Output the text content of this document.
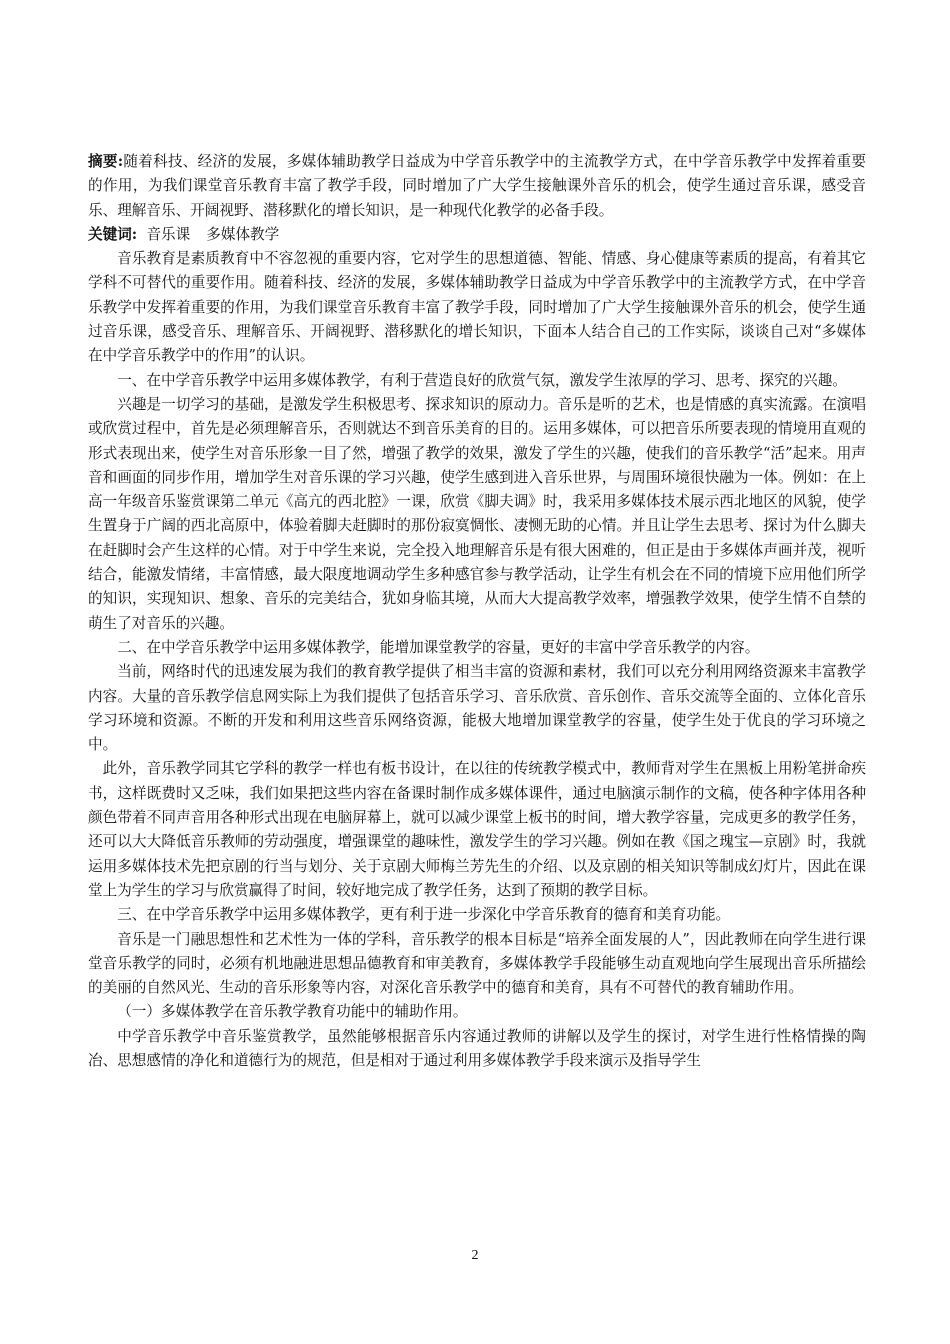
摘要:随着科技、经济的发展，多媒体辅助教学日益成为中学音乐教学中的主流教学方式，在中学音乐教学中发挥着重要的作用，为我们课堂音乐教育丰富了教学手段，同时增加了广大学生接触课外音乐的机会，使学生通过音乐课，感受音乐、理解音乐、开阔视野、潜移默化的增长知识，是一种现代化教学的必备手段。

关键词: 音乐课 多媒体教学

音乐教育是素质教育中不容忽视的重要内容，它对学生的思想道德、智能、情感、身心健康等素质的提高，有着其它学科不可替代的重要作用。随着科技、经济的发展，多媒体辅助教学日益成为中学音乐教学中的主流教学方式，在中学音乐教学中发挥着重要的作用，为我们课堂音乐教育丰富了教学手段，同时增加了广大学生接触课外音乐的机会，使学生通过音乐课，感受音乐、理解音乐、开阔视野、潜移默化的增长知识，下面本人结合自己的工作实际，谈谈自己对“多媒体在中学音乐教学中的作用”的认识。

一、在中学音乐教学中运用多媒体教学，有利于营造良好的欣赏气氛，激发学生浓厚的学习、思考、探究的兴趣。

兴趣是一切学习的基础，是激发学生积极思考、探求知识的原动力。音乐是听的艺术，也是情感的真实流露。在演唱或欣赏过程中，首先是必须理解音乐，否则就达不到音乐美育的目的。运用多媒体，可以把音乐所要表现的情境用直观的形式表现出来，使学生对音乐形象一目了然，增强了教学的效果，激发了学生的兴趣，使我们的音乐教学“活”起来。用声音和画面的同步作用，增加学生对音乐课的学习兴趣，使学生感到进入音乐世界，与周围环境很快融为一体。例如：在上高一年级音乐鉴赏课第二单元《高亢的西北腔》一课，欣赏《脚夫调》时，我采用多媒体技术展示西北地区的风貌，使学生置身于广阔的西北高原中，体验着脚夫赶脚时的那份寂寞惆怅、凄恻无助的心情。并且让学生去思考、探讨为什么脚夫在赶脚时会产生这样的心情。对于中学生来说，完全投入地理解音乐是有很大困难的，但正是由于多媒体声画并茂，视听结合，能激发情绪，丰富情感，最大限度地调动学生多种感官参与教学活动，让学生有机会在不同的情境下应用他们所学的知识，实现知识、想象、音乐的完美结合，犹如身临其境，从而大大提高教学效率，增强教学效果，使学生情不自禁的萌生了对音乐的兴趣。

二、在中学音乐教学中运用多媒体教学，能增加课堂教学的容量，更好的丰富中学音乐教学的内容。

当前，网络时代的迅速发展为我们的教育教学提供了相当丰富的资源和素材，我们可以充分利用网络资源来丰富教学内容。大量的音乐教学信息网实际上为我们提供了包括音乐学习、音乐欣赏、音乐创作、音乐交流等全面的、立体化音乐学习环境和资源。不断的开发和利用这些音乐网络资源，能极大地增加课堂教学的容量，使学生处于优良的学习环境之中。

此外，音乐教学同其它学科的教学一样也有板书设计，在以往的传统教学模式中，教师背对学生在黑板上用粉笔拼命疾书，这样既费时又乏味，我们如果把这些内容在备课时制作成多媒体课件，通过电脑演示制作的文稿，使各种字体用各种颜色带着不同声音用各种形式出现在电脑屏幕上，就可以减少课堂上板书的时间，增大教学容量，完成更多的教学任务，还可以大大降低音乐教师的劳动强度，增强课堂的趣味性，激发学生的学习兴趣。例如在教《国之瑰宝—京剧》时，我就运用多媒体技术先把京剧的行当与划分、关于京剧大师梅兰芳先生的介绍、以及京剧的相关知识等制成幻灯片，因此在课堂上为学生的学习与欣赏赢得了时间，较好地完成了教学任务，达到了预期的教学目标。

三、在中学音乐教学中运用多媒体教学，更有利于进一步深化中学音乐教育的德育和美育功能。

音乐是一门融思想性和艺术性为一体的学科，音乐教学的根本目标是“培养全面发展的人”，因此教师在向学生进行课堂音乐教学的同时，必须有机地融进思想品德教育和审美教育，多媒体教学手段能够生动直观地向学生展现出音乐所描绘的美丽的自然风光、生动的音乐形象等内容，对深化音乐教学中的德育和美育，具有不可替代的教育辅助作用。

（一）多媒体教学在音乐教学教育功能中的辅助作用。

中学音乐教学中音乐鉴赏教学，虽然能够根据音乐内容通过教师的讲解以及学生的探讨，对学生进行性格情操的陶冶、思想感情的净化和道德行为的规范，但是相对于通过利用多媒体教学手段来演示及指导学生

2
